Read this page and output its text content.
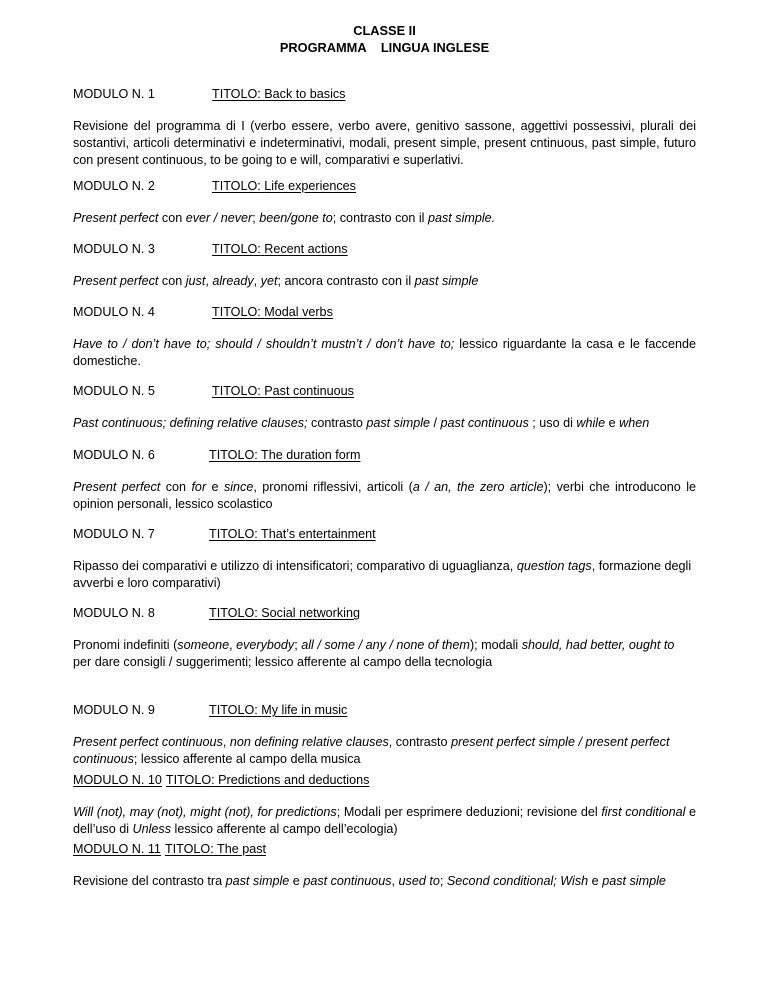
CLASSE II
PROGRAMMA LINGUA INGLESE
MODULO N. 1	TITOLO: Back to basics
Revisione del programma di I (verbo essere, verbo avere, genitivo sassone, aggettivi possessivi, plurali dei sostantivi, articoli determinativi e indeterminativi, modali, present simple, present cntinuous, past simple, futuro con present continuous, to be going to e will, comparativi e superlativi.
MODULO N. 2	TITOLO: Life experiences
Present perfect con ever / never; been/gone to; contrasto con il past simple.
MODULO N. 3	TITOLO: Recent actions
Present perfect con just, already, yet; ancora contrasto con il past simple
MODULO N. 4	TITOLO: Modal verbs
Have to / don’t have to; should / shouldn’t mustn’t / don’t have to; lessico riguardante la casa e le faccende domestiche.
MODULO N. 5	TITOLO: Past continuous
Past continuous; defining relative clauses; contrasto past simple / past continuous ; uso di while e when
MODULO N. 6	TITOLO: The duration form
Present perfect con for e since, pronomi riflessivi, articoli (a / an, the zero article); verbi che introducono le opinion personali, lessico scolastico
MODULO N. 7	TITOLO: That’s entertainment
Ripasso dei comparativi e utilizzo di intensificatori; comparativo di uguaglianza, question tags, formazione degli avverbi e loro comparativi)
MODULO N. 8	TITOLO: Social networking
Pronomi indefiniti (someone, everybody; all / some / any / none of them); modali should, had better, ought to per dare consigli / suggerimenti; lessico afferente al campo della tecnologia
MODULO N. 9	TITOLO: My life in music
Present perfect continuous, non defining relative clauses, contrasto present perfect simple / present perfect continuous; lessico afferente al campo della musica
MODULO N. 10 TITOLO: Predictions and deductions
Will (not), may (not), might (not), for predictions; Modali per esprimere deduzioni; revisione del first conditional e dell’uso di Unless lessico afferente al campo dell’ecologia)
MODULO N. 11 TITOLO: The past
Revisione del contrasto tra past simple e past continuous, used to; Second conditional; Wish e past simple
